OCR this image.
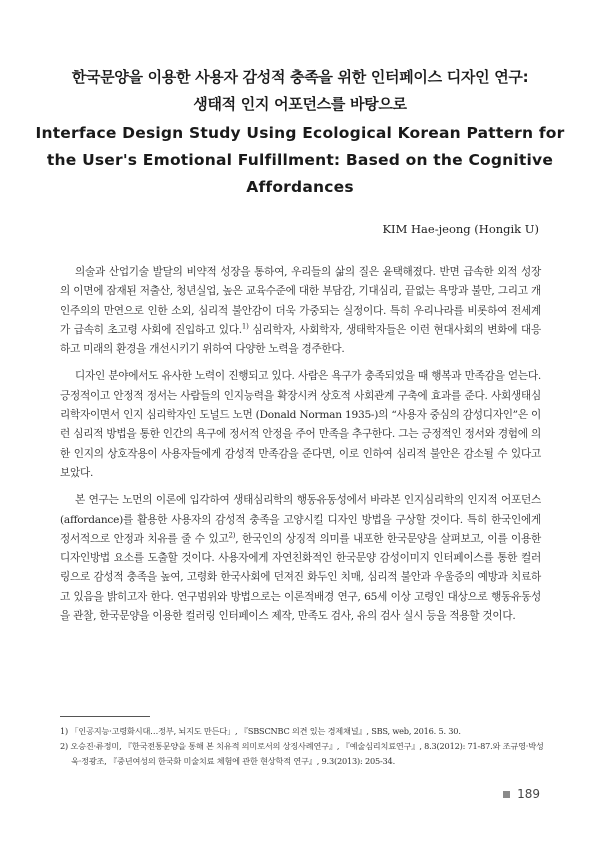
한국문양을 이용한 사용자 감성적 충족을 위한 인터페이스 디자인 연구:
생태적 인지 어포던스를 바탕으로
Interface Design Study Using Ecological Korean Pattern for
the User's Emotional Fulfillment: Based on the Cognitive
Affordances
KIM Hae-jeong (Hongik U)

의술과 산업기술 발달의 비약적 성장을 통하여, 우리들의 삶의 질은 윤택해졌다. 반면 급속한 외적 성장의 이면에 잠재된 저출산, 청년실업, 높은 교육수준에 대한 부담감, 기대심리, 끝없는 욕망과 불만, 그리고 개인주의의 만연으로 인한 소외, 심리적 불안감이 더욱 가중되는 실정이다. 특히 우리나라를 비롯하여 전세계가 급속히 초고령 사회에 진입하고 있다.$^{1)}$ 심리학자, 사회학자, 생태학자들은 이런 현대사회의 변화에 대응하고 미래의 환경을 개선시키기 위하여 다양한 노력을 경주한다.

디자인 분야에서도 유사한 노력이 진행되고 있다. 사람은 욕구가 충족되었을 때 행복과 만족감을 얻는다. 긍정적이고 안정적 정서는 사람들의 인지능력을 확장시켜 상호적 사회관계 구축에 효과를 준다. 사회생태심리학자이면서 인지 심리학자인 도널드 노먼 (Donald Norman 1935-)의 “사용자 중심의 감성디자인”은 이런 심리적 방법을 통한 인간의 욕구에 정서적 안정을 주어 만족을 추구한다. 그는 긍정적인 정서와 경험에 의한 인지의 상호작용이 사용자들에게 감성적 만족감을 준다면, 이로 인하여 심리적 불안은 감소될 수 있다고 보았다.

본 연구는 노먼의 이론에 입각하여 생태심리학의 행동유동성에서 바라본 인지심리학의 인지적 어포던스 (affordance)를 활용한 사용자의 감성적 충족을 고양시킬 디자인 방법을 구상할 것이다. 특히 한국인에게 정서적으로 안정과 치유를 줄 수 있고$^{2)}$, 한국인의 상징적 의미를 내포한 한국문양을 살펴보고, 이를 이용한 디자인방법 요소를 도출할 것이다. 사용자에게 자연친화적인 한국문양 감성이미지 인터페이스를 통한 컬러링으로 감성적 충족을 높여, 고령화 한국사회에 던져진 화두인 치매, 심리적 불안과 우울증의 예방과 치료하고 있음을 밝히고자 한다. 연구범위와 방법으로는 이론적배경 연구, 65세 이상 고령인 대상으로 행동유동성을 관찰, 한국문양을 이용한 컬러링 인터페이스 제작, 만족도 검사, 유의 검사 실시 등을 적용할 것이다.

1) 「인공지능·고령화시대…정부, 뇌지도 만든다」, 『SBSCNBC 의견 있는 경제채널』, SBS, web, 2016. 5. 30.

2) 오승진·류정미, 『한국전통문양을 통해 본 치유적 의미로서의 상징사례연구』, 『예술심리치료연구』, 8.3(2012): 71-87.와 조규영·박성욱·정광조, 『중년여성의 한국화 미술치료 체험에 관한 현상학적 연구』, 9.3(2013): 205-34.

189
